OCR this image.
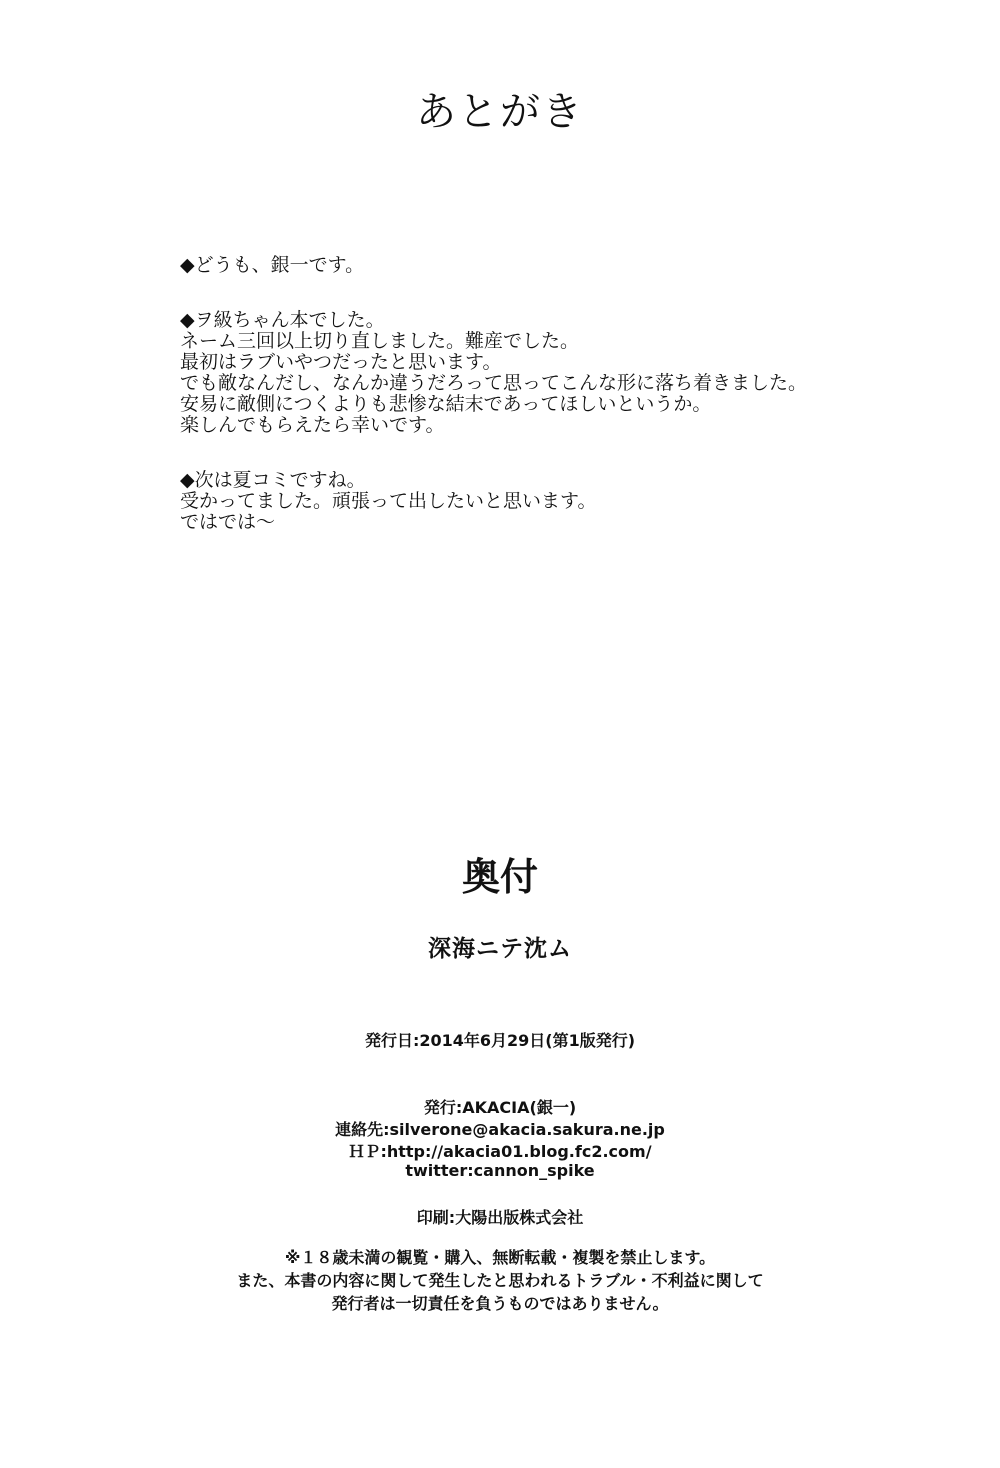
あとがき

◆どうも、銀一です。

◆ヲ級ちゃん本でした。

ネーム三回以上切り直しました。難産でした。

最初はラブいやつだったと思います。

でも敵なんだし、なんか違うだろって思ってこんな形に落ち着きました。

安易に敵側につくよりも悲惨な結末であってほしいというか。

楽しんでもらえたら幸いです。

◆次は夏コミですね。

受かってました。頑張って出したいと思います。

ではでは～

奥付
深海ニテ沈ム

発行日:2014年6月29日(第1版発行)

発行:AKACIA(銀一)

連絡先:silverone@akacia.sakura.ne.jp

ＨＰ:http://akacia01.blog.fc2.com/

twitter:cannon_spike

印刷:大陽出版株式会社

※１８歳未満の観覧・購入、無断転載・複製を禁止します。

また、本書の内容に関して発生したと思われるトラブル・不利益に関して

発行者は一切責任を負うものではありません。
